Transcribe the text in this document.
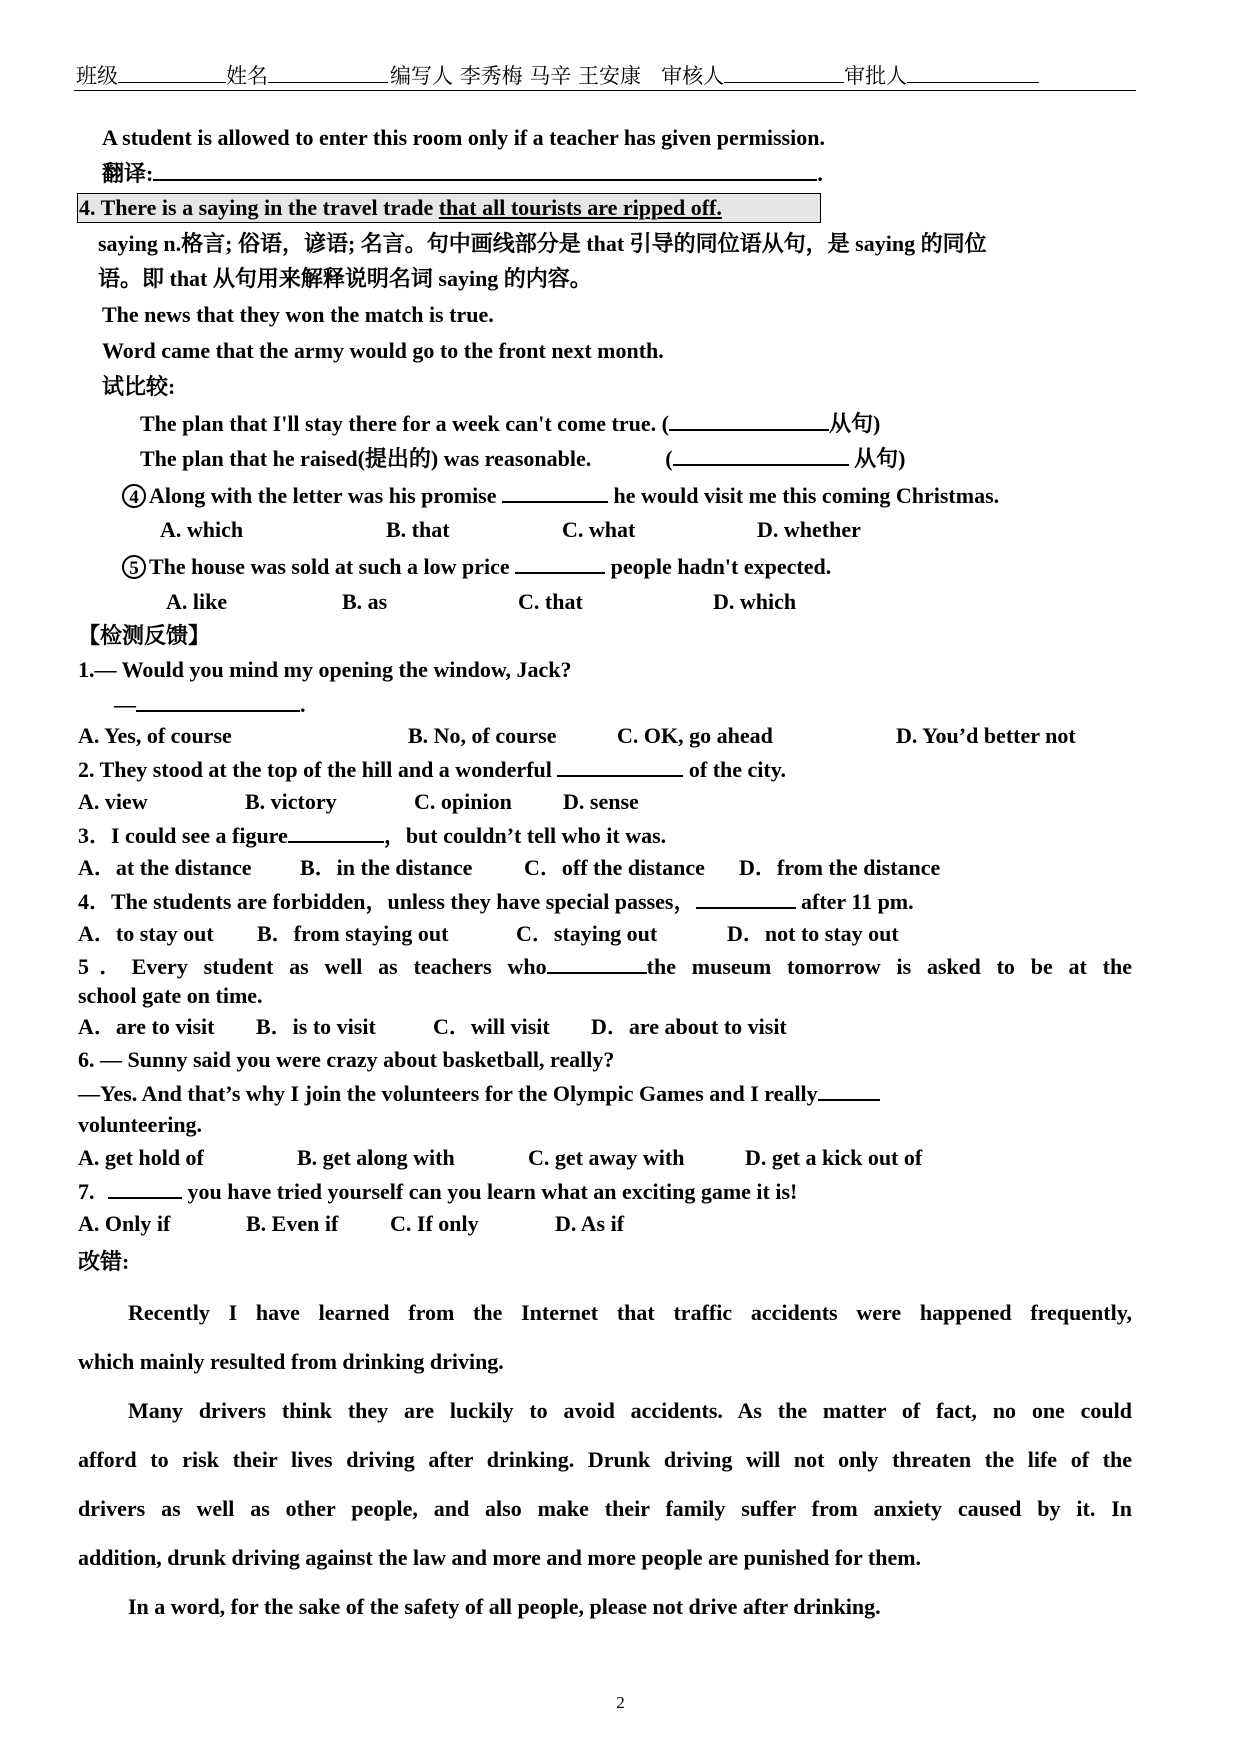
班级	姓名	编写人 李秀梅 马辛 王安康 审核人	审批人
A student is allowed to enter this room only if a teacher has given permission.
翻译:	.
4. There is a saying in the travel trade that all tourists are ripped off.
saying n.格言; 俗语，谚语; 名言。句中画线部分是 that 引导的同位语从句，是 saying 的同位
语。即 that 从句用来解释说明名词 saying 的内容。
The news that they won the match is true.
Word came that the army would go to the front next month.
试比较:
The plan that I'll stay there for a week can't come true. (	从句)
The plan that he raised(提出的) was reasonable.	(	从句)
4 Along with the letter was his promise	he would visit me this coming Christmas.
A. which	B. that	C. what	D. whether
5 The house was sold at such a low price	people hadn't expected.
A. like	B. as	C. that	D. which
【检测反馈】
1.— Would you mind my opening the window, Jack?
—	.
A. Yes, of course	B. No, of course	C. OK, go ahead	D. You’d better not
2. They stood at the top of the hill and a wonderful	of the city.
A. view	B. victory	C. opinion D. sense
3．I could see a figure	，but couldn’t tell who it was.
A．at the distance B．in the distance C．off the distance D．from the distance
4．The students are forbidden，unless they have special passes，	after 11 pm.
A．to stay out B．from staying out	C．staying out	D．not to stay out
5．Every student as well as teachers who	the museum tomorrow is asked to be at the
school gate on time.
A．are to visit B．is to visit	C．will visit D．are about to visit
6. — Sunny said you were crazy about basketball, really?
—Yes. And that’s why I join the volunteers for the Olympic Games and I really
volunteering.
A. get hold of	B. get along with	C. get away with	D. get a kick out of
7.	you have tried yourself can you learn what an exciting game it is!
A. Only if	B. Even if C. If only	D. As if
改错:
Recently I have learned from the Internet that traffic accidents were happened frequently,
which mainly resulted from drinking driving.
Many drivers think they are luckily to avoid accidents. As the matter of fact, no one could
afford to risk their lives driving after drinking. Drunk driving will not only threaten the life of the
drivers as well as other people, and also make their family suffer from anxiety caused by it. In
addition, drunk driving against the law and more and more people are punished for them.
In a word, for the sake of the safety of all people, please not drive after drinking.
2
